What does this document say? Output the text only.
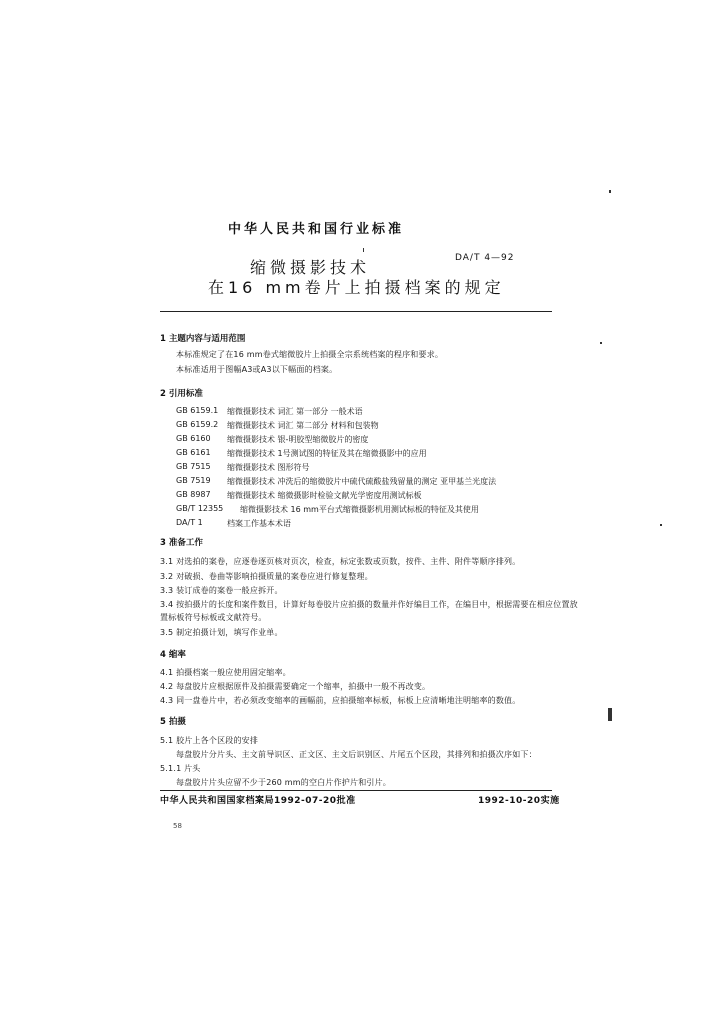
中华人民共和国行业标准
缩微摄影技术	DA/T 4—92
在16 mm卷片上拍摄档案的规定
1 主题内容与适用范围
本标准规定了在16 mm卷式缩微胶片上拍摄全宗系统档案的程序和要求。
本标准适用于图幅A3或A3以下幅面的档案。
2 引用标准
GB 6159.1 缩微摄影技术 词汇 第一部分 一般术语
GB 6159.2 缩微摄影技术 词汇 第二部分 材料和包装物
GB 6160 缩微摄影技术 银-明胶型缩微胶片的密度
GB 6161 缩微摄影技术 1号测试图的特征及其在缩微摄影中的应用
GB 7515 缩微摄影技术 图形符号
GB 7519 缩微摄影技术 冲洗后的缩微胶片中硫代硫酸盐残留量的测定 亚甲基兰光度法
GB 8987 缩微摄影技术 缩微摄影时检验文献光学密度用测试标板
GB/T 12355 缩微摄影技术 16 mm平台式缩微摄影机用测试标板的特征及其使用
DA/T 1	档案工作基本术语
3 准备工作
3.1 对选拍的案卷，应逐卷逐页核对页次，检查，标定张数或页数，按件、主件、附件等顺序排列。
3.2 对破损、卷曲等影响拍摄质量的案卷应进行修复整理。
3.3 装订成卷的案卷一般应拆开。
3.4 按拍摄片的长度和案件数目，计算好每卷胶片应拍摄的数量并作好编目工作，在编目中，根据需要在相应位置放
置标板符号标板或文献符号。
3.5 制定拍摄计划，填写作业单。
4 缩率
4.1 拍摄档案一般应使用固定缩率。
4.2 每盘胶片应根据原件及拍摄需要确定一个缩率，拍摄中一般不再改变。
4.3 同一盘卷片中，若必须改变缩率的画幅前，应拍摄缩率标板，标板上应清晰地注明缩率的数值。
5 拍摄
5.1 胶片上各个区段的安排
每盘胶片分片头、主文前导识区、正文区、主文后识别区、片尾五个区段，其排列和拍摄次序如下：
5.1.1 片头
每盘胶片片头应留不少于260 mm的空白片作护片和引片。
中华人民共和国国家档案局1992-07-20批准	1992-10-20实施
58
